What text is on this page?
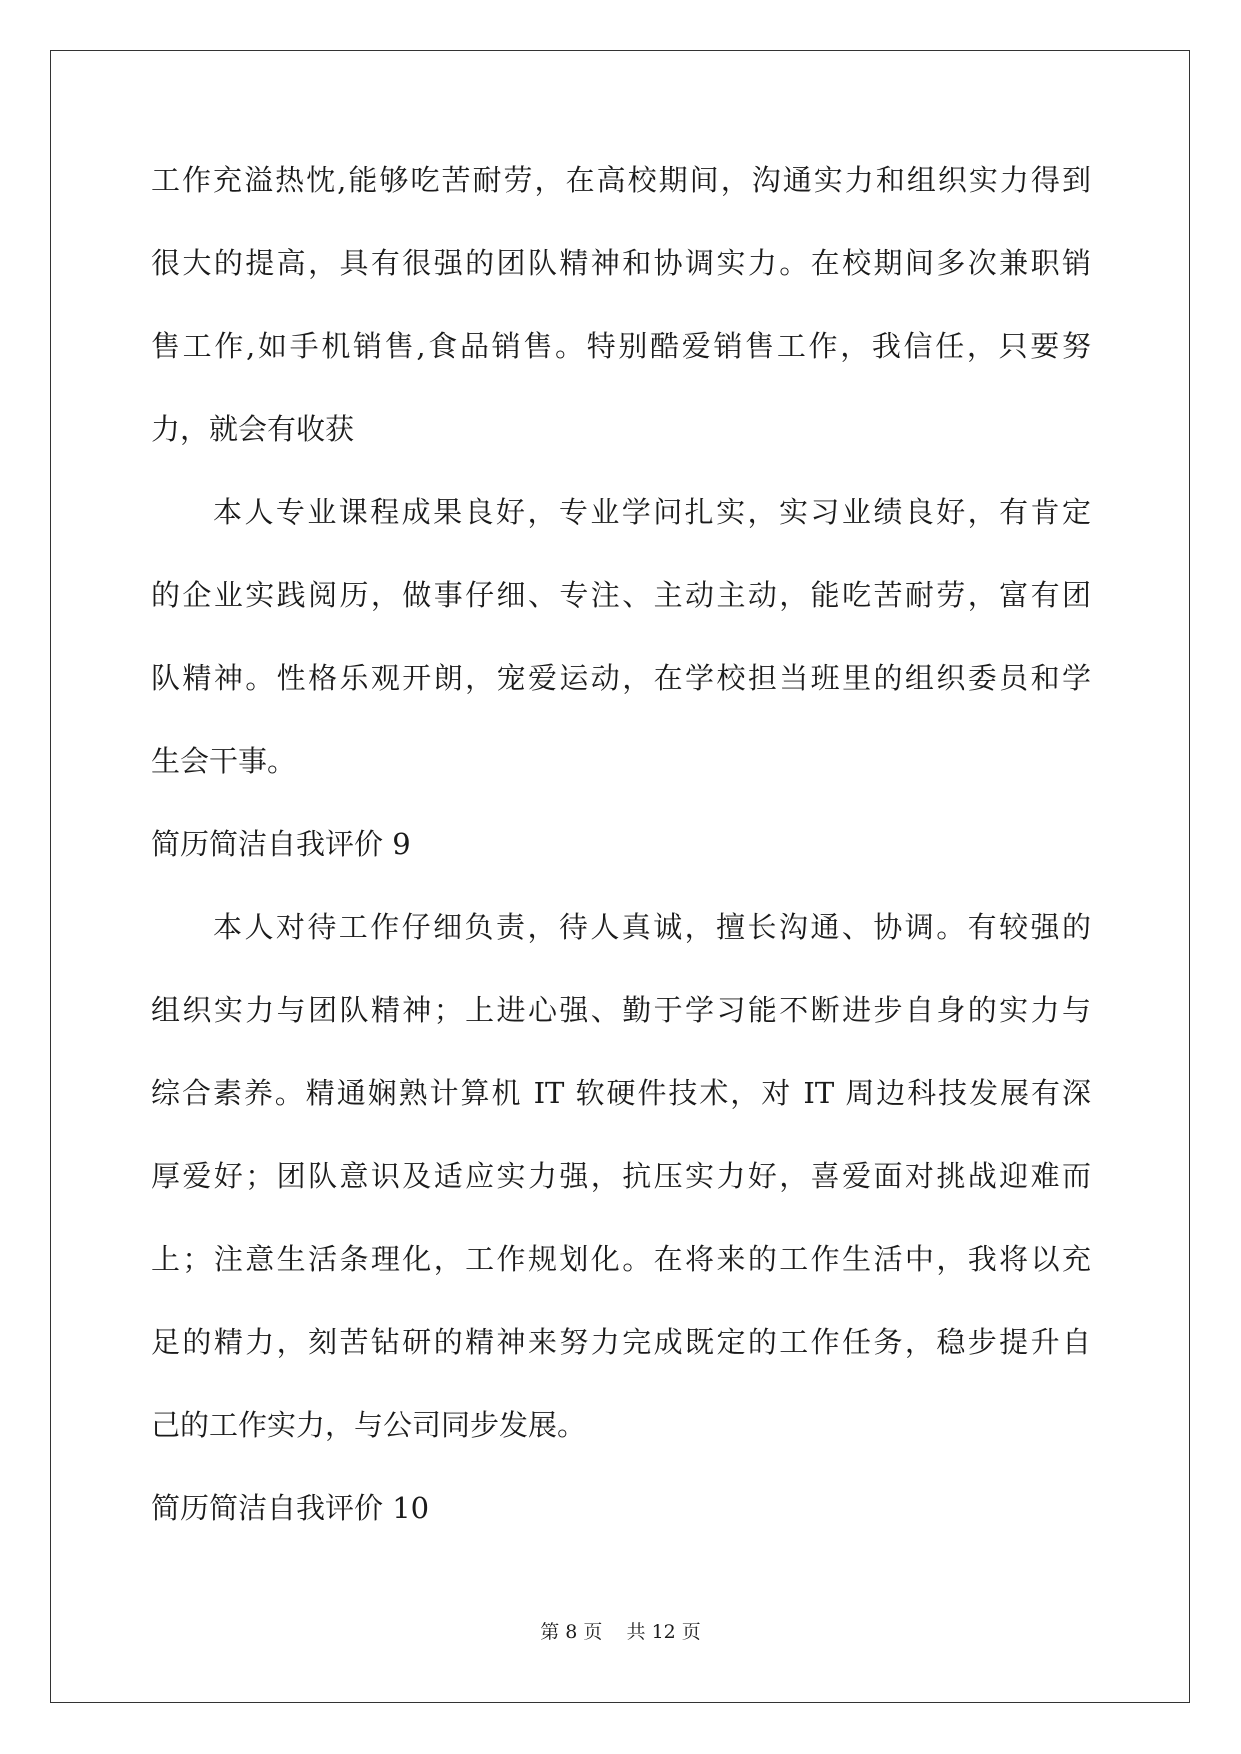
工作充溢热忱,能够吃苦耐劳，在高校期间，沟通实力和组织实力得到
很大的提高，具有很强的团队精神和协调实力。在校期间多次兼职销
售工作,如手机销售,食品销售。特别酷爱销售工作，我信任，只要努
力，就会有收获
本人专业课程成果良好，专业学问扎实，实习业绩良好，有肯定
的企业实践阅历，做事仔细、专注、主动主动，能吃苦耐劳，富有团
队精神。性格乐观开朗，宠爱运动，在学校担当班里的组织委员和学
生会干事。
简历简洁自我评价 9
本人对待工作仔细负责，待人真诚，擅长沟通、协调。有较强的
组织实力与团队精神；上进心强、勤于学习能不断进步自身的实力与
综合素养。精通娴熟计算机 IT 软硬件技术，对 IT 周边科技发展有深
厚爱好；团队意识及适应实力强，抗压实力好，喜爱面对挑战迎难而
上；注意生活条理化，工作规划化。在将来的工作生活中，我将以充
足的精力，刻苦钻研的精神来努力完成既定的工作任务，稳步提升自
己的工作实力，与公司同步发展。
简历简洁自我评价 10
第 8 页    共 12 页
